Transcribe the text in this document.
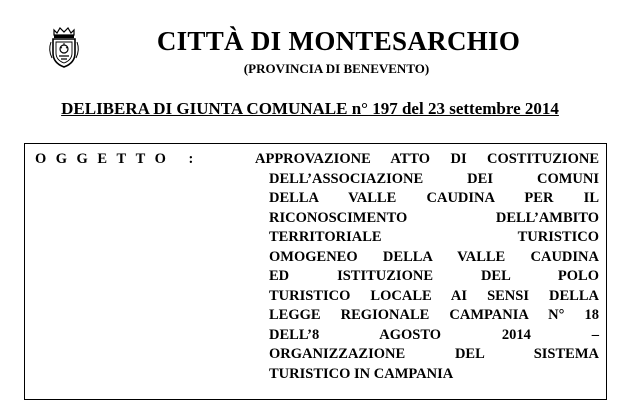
CITTÀ DI MONTESARCHIO
(PROVINCIA DI BENEVENTO)
DELIBERA DI GIUNTA COMUNALE n° 197 del 23 settembre 2014
OGGETTO :	APPROVAZIONE ATTO DI COSTITUZIONE
DELL’ASSOCIAZIONE DEI COMUNI
DELLA VALLE CAUDINA PER IL
RICONOSCIMENTO DELL’AMBITO
TERRITORIALE TURISTICO
OMOGENEO DELLA VALLE CAUDINA
ED ISTITUZIONE DEL POLO
TURISTICO LOCALE AI SENSI DELLA
LEGGE REGIONALE CAMPANIA N° 18
DELL’8 AGOSTO 2014 –
ORGANIZZAZIONE DEL SISTEMA
TURISTICO IN CAMPANIA
